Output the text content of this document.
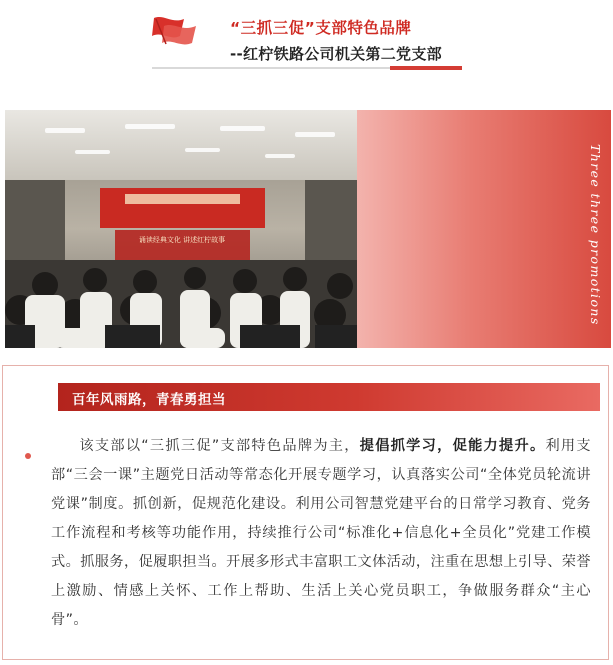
“三抓三促”支部特色品牌
--红柠铁路公司机关第二党支部
诵读经典文化 讲述红柠故事	Three three promotions
百年风雨路，青春勇担当

该支部以“三抓三促”支部特色品牌为主，提倡抓学习，促能力提升。利用支部“三会一课”主题党日活动等常态化开展专题学习，认真落实公司“全体党员轮流讲党课”制度。抓创新，促规范化建设。利用公司智慧党建平台的日常学习教育、党务工作流程和考核等功能作用，持续推行公司“标准化+信息化+全员化”党建工作模式。抓服务，促履职担当。开展多形式丰富职工文体活动，注重在思想上引导、荣誉上激励、情感上关怀、工作上帮助、生活上关心党员职工，争做服务群众“主心骨”。
